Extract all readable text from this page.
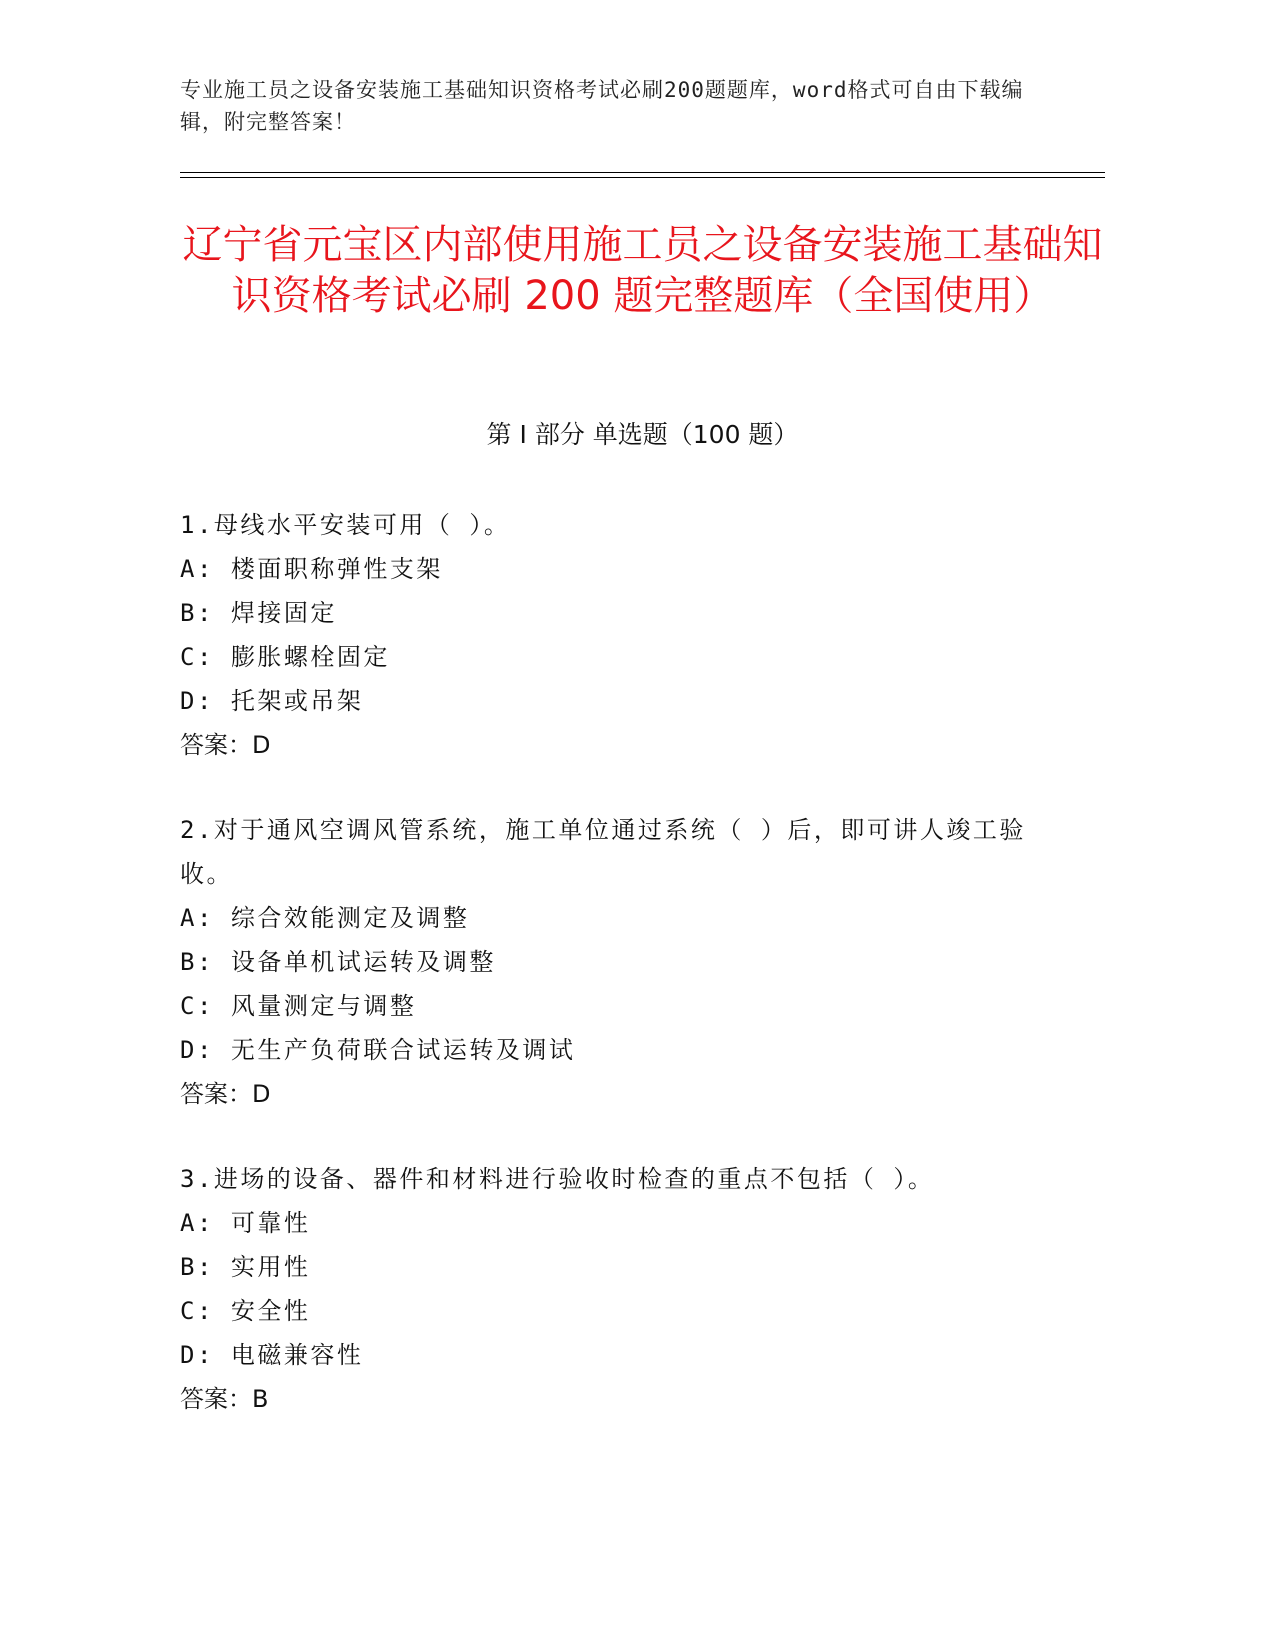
专业施工员之设备安装施工基础知识资格考试必刷200题题库，word格式可自由下载编辑，附完整答案！
辽宁省元宝区内部使用施工员之设备安装施工基础知识资格考试必刷 200 题完整题库（全国使用）
第 I 部分 单选题（100 题）
1.母线水平安装可用（ ）。
A: 楼面职称弹性支架
B: 焊接固定
C: 膨胀螺栓固定
D: 托架或吊架
答案：D
2.对于通风空调风管系统，施工单位通过系统（ ）后，即可讲人竣工验收。
A: 综合效能测定及调整
B: 设备单机试运转及调整
C: 风量测定与调整
D: 无生产负荷联合试运转及调试
答案：D
3.进场的设备、器件和材料进行验收时检查的重点不包括（ ）。
A: 可靠性
B: 实用性
C: 安全性
D: 电磁兼容性
答案：B
